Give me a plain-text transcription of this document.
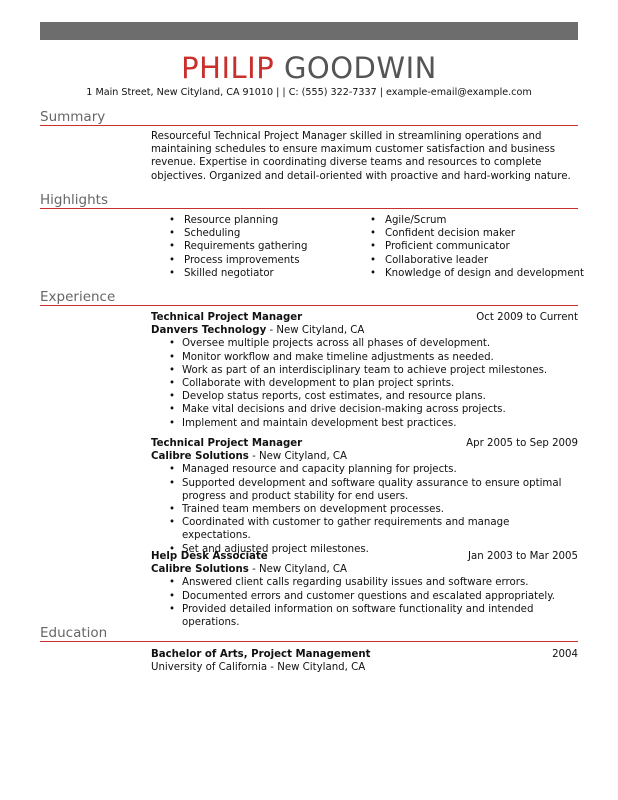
PHILIP GOODWIN
1 Main Street, New Cityland, CA 91010 | | C: (555) 322-7337 | example-email@example.com
Summary
Resourceful Technical Project Manager skilled in streamlining operations and maintaining schedules to ensure maximum customer satisfaction and business revenue. Expertise in coordinating diverse teams and resources to complete objectives. Organized and detail-oriented with proactive and hard-working nature.
Highlights
• Resource planning
• Scheduling
• Requirements gathering
• Process improvements
• Skilled negotiator
• Agile/Scrum
• Confident decision maker
• Proficient communicator
• Collaborative leader
• Knowledge of design and development
Experience
Technical Project Manager	Oct 2009 to Current
Danvers Technology - New Cityland, CA
• Oversee multiple projects across all phases of development.
• Monitor workflow and make timeline adjustments as needed.
• Work as part of an interdisciplinary team to achieve project milestones.
• Collaborate with development to plan project sprints.
• Develop status reports, cost estimates, and resource plans.
• Make vital decisions and drive decision-making across projects.
• Implement and maintain development best practices.
Technical Project Manager	Apr 2005 to Sep 2009
Calibre Solutions - New Cityland, CA
• Managed resource and capacity planning for projects.
• Supported development and software quality assurance to ensure optimal progress and product stability for end users.
• Trained team members on development processes.
• Coordinated with customer to gather requirements and manage expectations.
• Set and adjusted project milestones.
Help Desk Associate	Jan 2003 to Mar 2005
Calibre Solutions - New Cityland, CA
• Answered client calls regarding usability issues and software errors.
• Documented errors and customer questions and escalated appropriately.
• Provided detailed information on software functionality and intended operations.
Education
Bachelor of Arts, Project Management	2004
University of California - New Cityland, CA
